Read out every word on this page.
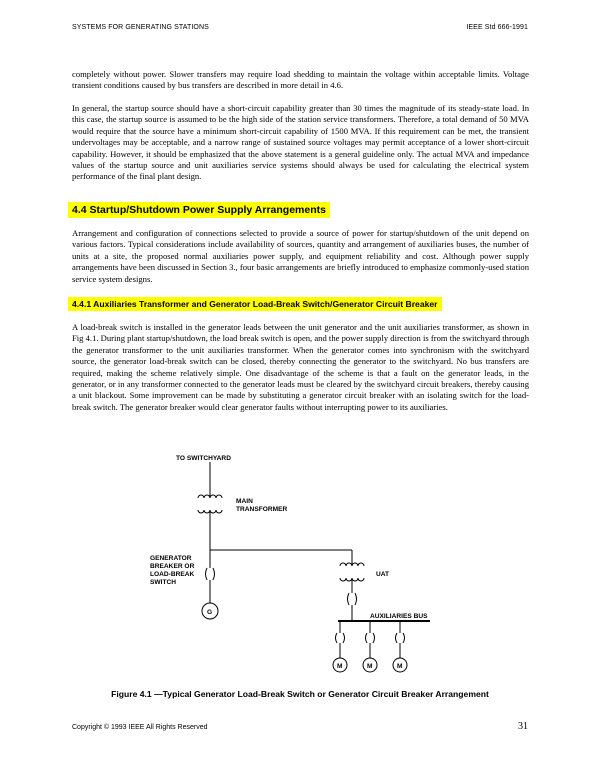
SYSTEMS FOR GENERATING STATIONS	IEEE Std 666-1991

completely without power. Slower transfers may require load shedding to maintain the voltage within acceptable limits. Voltage transient conditions caused by bus transfers are described in more detail in 4.6.

In general, the startup source should have a short-circuit capability greater than 30 times the magnitude of its steady-state load. In this case, the startup source is assumed to be the high side of the station service transformers. Therefore, a total demand of 50 MVA would require that the source have a minimum short-circuit capability of 1500 MVA. If this requirement can be met, the transient undervoltages may be acceptable, and a narrow range of sustained source voltages may permit acceptance of a lower short-circuit capability. However, it should be emphasized that the above statement is a general guideline only. The actual MVA and impedance values of the startup source and unit auxiliaries service systems should always be used for calculating the electrical system performance of the final plant design.

4.4 Startup/Shutdown Power Supply Arrangements

Arrangement and configuration of connections selected to provide a source of power for startup/shutdown of the unit depend on various factors. Typical considerations include availability of sources, quantity and arrangement of auxiliaries buses, the number of units at a site, the proposed normal auxiliaries power supply, and equipment reliability and cost. Although power supply arrangements have been discussed in Section 3., four basic arrangements are briefly introduced to emphasize commonly-used station service system designs.

4.4.1 Auxiliaries Transformer and Generator Load-Break Switch/Generator Circuit Breaker

A load-break switch is installed in the generator leads between the unit generator and the unit auxiliaries transformer, as shown in Fig 4.1. During plant startup/shutdown, the load break switch is open, and the power supply direction is from the switchyard through the generator transformer to the unit auxiliaries transformer. When the generator comes into synchronism with the switchyard source, the generator load-break switch can be closed, thereby connecting the generator to the switchyard. No bus transfers are required, making the scheme relatively simple. One disadvantage of the scheme is that a fault on the generator leads, in the generator, or in any transformer connected to the generator leads must be cleared by the switchyard circuit breakers, thereby causing a unit blackout. Some improvement can be made by substituting a generator circuit breaker with an isolating switch for the load-break switch. The generator breaker would clear generator faults without interrupting power to its auxiliaries.

TO SWITCHYARD
MAIN
TRANSFORMER
GENERATOR
BREAKER OR
LOAD-BREAK
SWITCH
G
UAT
AUXILIARIES BUS
M	M	M

Figure 4.1 —Typical Generator Load-Break Switch or Generator Circuit Breaker Arrangement

Copyright © 1993 IEEE All Rights Reserved	31
